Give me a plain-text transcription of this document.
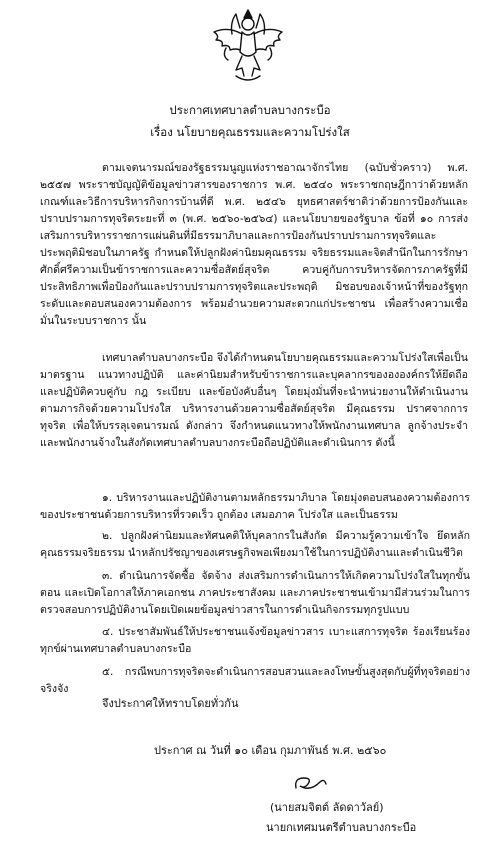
ประกาศเทศบาลตำบลบางกระบือ
เรื่อง นโยบายคุณธรรมและความโปร่งใส
ตามเจตนารมณ์ของรัฐธรรมนูญแห่งราชอาณาจักรไทย (ฉบับชั่วคราว) พ.ศ. ๒๕๕๗ พระราชบัญญัติข้อมูลข่าวสารของราชการ พ.ศ. ๒๕๔๐ พระราชกฤษฎีกาว่าด้วยหลักเกณฑ์และวิธีการบริหารกิจการบ้านที่ดี พ.ศ. ๒๕๔๖ ยุทธศาสตร์ชาติว่าด้วยการป้องกันและปราบปรามการทุจริตระยะที่ ๓ (พ.ศ. ๒๕๖๐-๒๕๖๔) และนโยบายของรัฐบาล ข้อที่ ๑๐ การส่งเสริมการบริหารราชการแผ่นดินที่มีธรรมาภิบาลและการป้องกันปราบปรามการทุจริตและประพฤติมิชอบในภาครัฐ กำหนดให้ปลูกฝังค่านิยมคุณธรรม จริยธรรมและจิตสำนึกในการรักษาศักดิ์ศรีความเป็นข้าราชการและความซื่อสัตย์สุจริต ควบคู่กับการบริหารจัดการภาครัฐที่มีประสิทธิภาพเพื่อป้องกันและปราบปรามการทุจริตและประพฤติ มิชอบของเจ้าหน้าที่ของรัฐทุกระดับและตอบสนองความต้องการ พร้อมอำนวยความสะดวกแก่ประชาชน เพื่อสร้างความเชื่อมั่นในระบบราชการ นั้น
เทศบาลตำบลบางกระบือ จึงได้กำหนดนโยบายคุณธรรมและความโปร่งใสเพื่อเป็นมาตรฐาน แนวทางปฏิบัติ และค่านิยมสำหรับข้าราชการและบุคลากรของององค์กรให้ยึดถือ และปฏิบัติควบคู่กับ กฎ ระเบียบ และข้อบังคับอื่นๆ โดยมุ่งมั่นที่จะนำหน่วยงานให้ดำเนินงานตามภารกิจด้วยความโปร่งใส บริหารงานด้วยความซื่อสัตย์สุจริต มีคุณธรรม ปราศจากการทุจริต เพื่อให้บรรลุเจตนารมณ์ ดังกล่าว จึงกำหนดแนวทางให้พนักงานเทศบาล ลูกจ้างประจำ และพนักงานจ้างในสังกัดเทศบาลตำบลบางกระบือถือปฏิบัติและดำเนินการ ดังนี้
๑. บริหารงานและปฏิบัติงานตามหลักธรรมาภิบาล โดยมุ่งตอบสนองความต้องการของประชาชนด้วยการบริหารที่รวดเร็ว ถูกต้อง เสมอภาค โปร่งใส และเป็นธรรม
๒. ปลูกฝังค่านิยมและทัศนคติให้บุคลากรในสังกัด มีความรู้ความเข้าใจ ยึดหลักคุณธรรมจริยธรรม นำหลักปรัชญาของเศรษฐกิจพอเพียงมาใช้ในการปฏิบัติงานและดำเนินชีวิต
๓. ดำเนินการจัดซื้อ จัดจ้าง ส่งเสริมการดำเนินการให้เกิดความโปร่งใสในทุกขั้นตอน และเปิดโอกาสให้ภาคเอกชน ภาคประชาสังคม และภาคประชาชนเข้ามามีส่วนร่วมในการตรวจสอบการปฏิบัติงานโดยเปิดเผยข้อมูลข่าวสารในการดำเนินกิจกรรมทุกรูปแบบ
๔. ประชาสัมพันธ์ให้ประชาชนแจ้งข้อมูลข่าวสาร เบาะแสการทุจริต ร้องเรียนร้องทุกข์ผ่านเทศบาลตำบลบางกระบือ
๕. กรณีพบการทุจริตจะดำเนินการสอบสวนและลงโทษขั้นสูงสุดกับผู้ที่ทุจริตอย่างจริงจัง
จึงประกาศให้ทราบโดยทั่วกัน
ประกาศ ณ วันที่ ๑๐ เดือน กุมภาพันธ์ พ.ศ. ๒๕๖๐
(นายสมจิตต์ ลัดดาวัลย์)
นายกเทศมนตรีตำบลบางกระบือ
